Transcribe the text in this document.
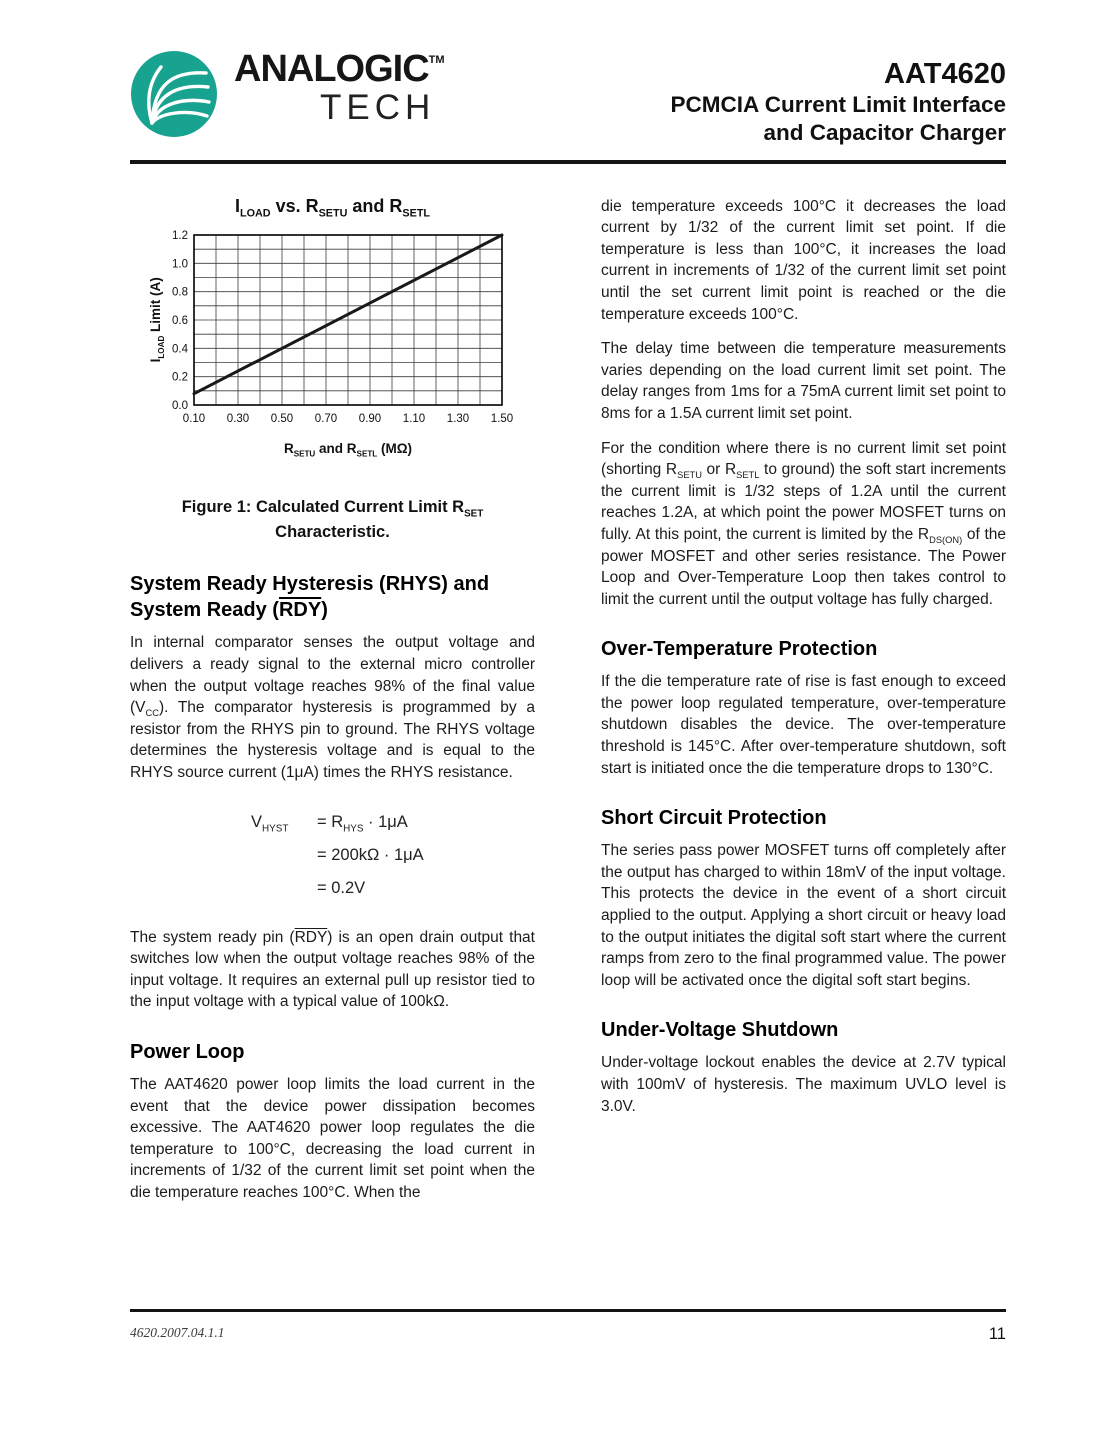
ANALOGIC™
TECH
AAT4620
PCMCIA Current Limit Interface
and Capacitor Charger
$I_{LOAD}$ vs. $R_{SETU}$ and $R_{SETL}$
$I_{LOAD}$ Limit (A)
0.10 0.30 0.50 0.70 0.90 1.10 1.30 1.50
0.0
0.2
0.4
0.6
0.8
1.0
1.2
$R_{SETU}$ and $R_{SETL}$ (MΩ)
Figure 1: Calculated Current Limit $R_{SET}$ Characteristic.
System Ready Hysteresis (RHYS) and System Ready (RDY)

In internal comparator senses the output voltage and delivers a ready signal to the external micro controller when the output voltage reaches 98% of the final value $(V_{CC})$. The comparator hysteresis is programmed by a resistor from the RHYS pin to ground. The RHYS voltage determines the hysteresis voltage and is equal to the RHYS source current (1μA) times the RHYS resistance.

$V_{HYST} = R_{HYS} \cdot 1\mu A$
= 200kΩ · 1μA
= 0.2V

The system ready pin $(\overline{RDY})$ is an open drain output that switches low when the output voltage reaches 98% of the input voltage. It requires an external pull up resistor tied to the input voltage with a typical value of 100kΩ.

Power Loop

The AAT4620 power loop limits the load current in the event that the device power dissipation becomes excessive. The AAT4620 power loop regulates the die temperature to 100°C, decreasing the load current in increments of 1/32 of the current limit set point when the die temperature reaches 100°C. When the

die temperature exceeds 100°C it decreases the load current by 1/32 of the current limit set point. If die temperature is less than 100°C, it increases the load current in increments of 1/32 of the current limit set point until the set current limit point is reached or the die temperature exceeds 100°C.

The delay time between die temperature measurements varies depending on the load current limit set point. The delay ranges from 1ms for a 75mA current limit set point to 8ms for a 1.5A current limit set point.

For the condition where there is no current limit set point (shorting $R_{SETU}$ or $R_{SETL}$ to ground) the soft start increments the current limit is 1/32 steps of 1.2A until the current reaches 1.2A, at which point the power MOSFET turns on fully. At this point, the current is limited by the $R_{DS(ON)}$ of the power MOSFET and other series resistance. The Power Loop and Over-Temperature Loop then takes control to limit the current until the output voltage has fully charged.

Over-Temperature Protection

If the die temperature rate of rise is fast enough to exceed the power loop regulated temperature, over-temperature shutdown disables the device. The over-temperature threshold is 145°C. After over-temperature shutdown, soft start is initiated once the die temperature drops to 130°C.

Short Circuit Protection

The series pass power MOSFET turns off completely after the output has charged to within 18mV of the input voltage. This protects the device in the event of a short circuit applied to the output. Applying a short circuit or heavy load to the output initiates the digital soft start where the current ramps from zero to the final programmed value. The power loop will be activated once the digital soft start begins.

Under-Voltage Shutdown

Under-voltage lockout enables the device at 2.7V typical with 100mV of hysteresis. The maximum UVLO level is 3.0V.

4620.2007.04.1.1	11
